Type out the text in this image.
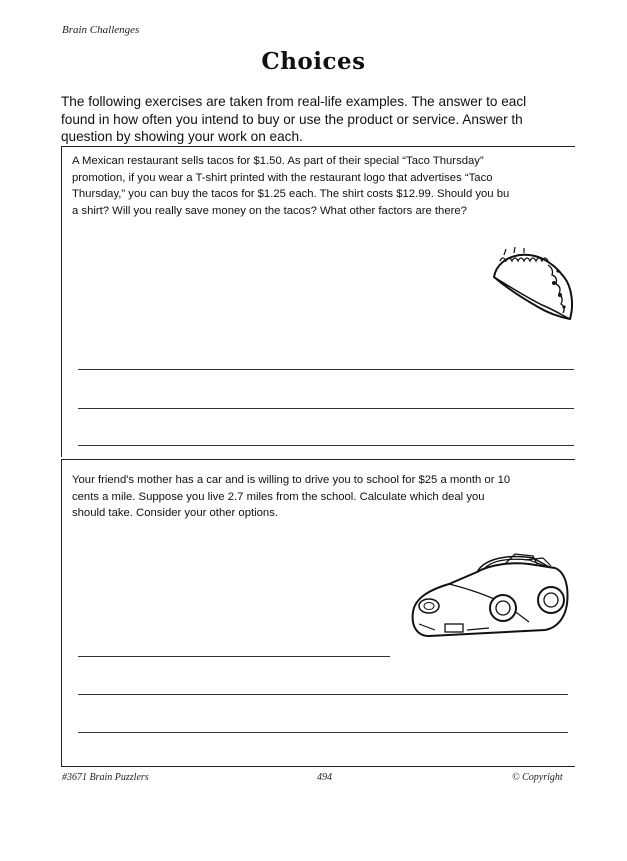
Brain Challenges
Choices
The following exercises are taken from real-life examples. The answer to eacl
found in how often you intend to buy or use the product or service. Answer th
question by showing your work on each.
A Mexican restaurant sells tacos for $1.50. As part of their special “Taco Thursday”
promotion, if you wear a T-shirt printed with the restaurant logo that advertises “Taco
Thursday,” you can buy the tacos for $1.25 each. The shirt costs $12.99. Should you bu
a shirt? Will you really save money on the tacos? What other factors are there?
Your friend's mother has a car and is willing to drive you to school for $25 a month or 10
cents a mile. Suppose you live 2.7 miles from the school. Calculate which deal you
should take. Consider your other options.
#3671 Brain Puzzlers	494	© Copyright
